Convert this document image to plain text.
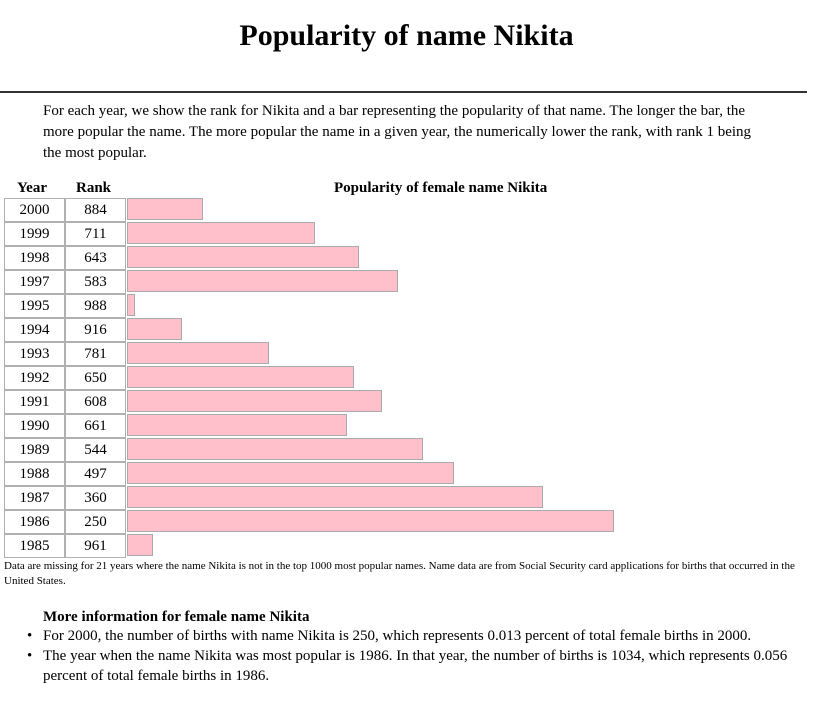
Popularity of name Nikita

For each year, we show the rank for Nikita and a bar representing the popularity of that name. The longer the bar, the more popular the name. The more popular the name in a given year, the numerically lower the rank, with rank 1 being the most popular.

Year Rank	Popularity of female name Nikita
2000	884
1999	711
1998	643
1997	583
1995	988
1994	916
1993	781
1992	650
1991	608
1990	661
1989	544
1988	497
1987	360
1986	250
1985	961

Data are missing for 21 years where the name Nikita is not in the top 1000 most popular names. Name data are from Social Security card applications for births that occurred in the United States.

More information for female name Nikita
• For 2000, the number of births with name Nikita is 250, which represents 0.013 percent of total female births in 2000.
• The year when the name Nikita was most popular is 1986. In that year, the number of births is 1034, which represents 0.056 percent of total female births in 1986.
